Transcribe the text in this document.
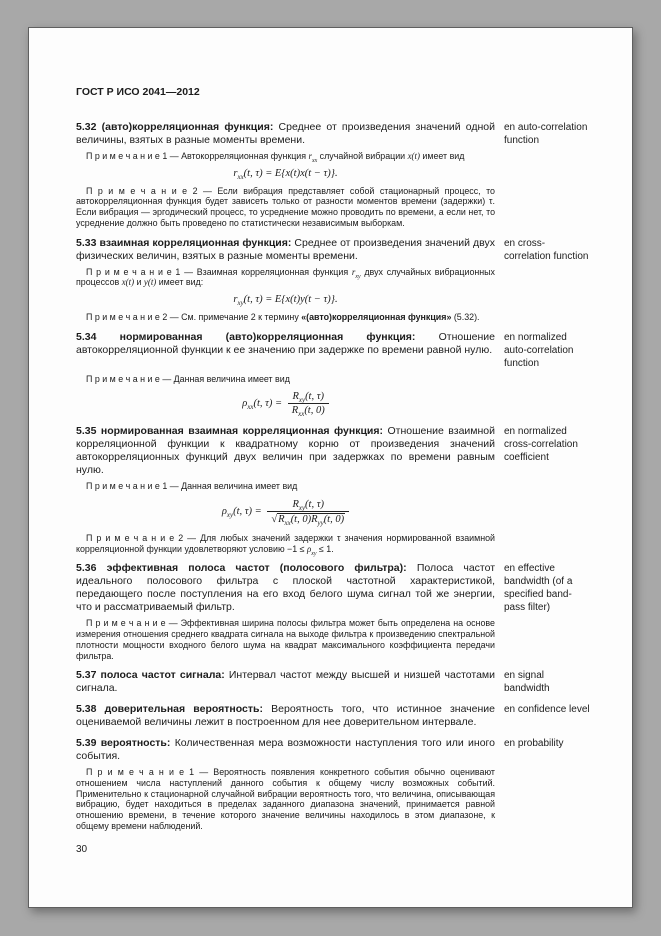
ГОСТ Р ИСО 2041—2012

5.32 (авто)корреляционная функция: Среднее от произведения значений одной величины, взятых в разные моменты времени.

en auto-correlation function

П р и м е ч а н и е 1 — Автокорреляционная функция $r_{xx}$ случайной вибрации x(t) имеет вид

$r_{xx}(t$, τ) = E{x(t)x(t − τ)}.

П р и м е ч а н и е 2 — Если вибрация представляет собой стационарный процесс, то автокорреляционная функция будет зависеть только от разности моментов времени (задержки) τ. Если вибрация — эргодический процесс, то усреднение можно проводить по времени, а если нет, то усреднение должно быть проведено по статистически независимым выборкам.

5.33 взаимная корреляционная функция: Среднее от произведения значений двух физических величин, взятых в разные моменты времени.

en cross-correlation function

П р и м е ч а н и е 1 — Взаимная корреляционная функция $r_{xy}$ двух случайных вибрационных процессов x(t) и y(t) имеет вид:

$r_{xy}(t$, τ) = E{x(t)y(t − τ)}.

П р и м е ч а н и е 2 — См. примечание 2 к термину «(авто)корреляционная функция» (5.32).

5.34 нормированная (авто)корреляционная функция: Отношение автокорреляционной функции к ее значению при задержке по времени равной нулю.

en normalized auto-correlation function

П р и м е ч а н и е — Данная величина имеет вид

$\rho_{xx}(t$, $\tau) = \frac{R_{xy}(t, \tau)}{R_{xx}(t, 0)}$

5.35 нормированная взаимная корреляционная функция: Отношение взаимной корреляционной функции к квадратному корню от произведения значений автокорреляционных функций двух величин при задержках по времени равным нулю.

en normalized cross-correlation coefficient

П р и м е ч а н и е 1 — Данная величина имеет вид

$\rho_{xy}(t$, $\tau) = \frac{R_{xy}(t, \tau)}{√R_{xx}(t, 0)R_{yy}(t, 0)}$

П р и м е ч а н и е 2 — Для любых значений задержки τ значения нормированной взаимной корреляционной функции удовлетворяют условию $-1 \le \rho_{xy} \le 1$.

5.36 эффективная полоса частот (полосового фильтра): Полоса частот идеального полосового фильтра с плоской частотной характеристикой, передающего после поступления на его вход белого шума сигнал той же энергии, что и рассматриваемый фильтр.

en effective bandwidth (of a specified band-pass filter)

П р и м е ч а н и е — Эффективная ширина полосы фильтра может быть определена на основе измерения отношения среднего квадрата сигнала на выходе фильтра к произведению спектральной плотности мощности входного белого шума на квадрат максимального коэффициента передачи фильтра.

5.37 полоса частот сигнала: Интервал частот между высшей и низшей частотами сигнала.

en signal bandwidth

5.38 доверительная вероятность: Вероятность того, что истинное значение оцениваемой величины лежит в построенном для нее доверительном интервале.

en confidence level

5.39 вероятность: Количественная мера возможности наступления того или иного события.

en probability

П р и м е ч а н и е 1 — Вероятность появления конкретного события обычно оценивают отношением числа наступлений данного события к общему числу возможных событий. Применительно к стационарной случайной вибрации вероятность того, что величина, описывающая вибрацию, будет находиться в пределах заданного диапазона значений, принимается равной отношению времени, в течение которого значение величины находилось в этом диапазоне, к общему времени наблюдений.

30
